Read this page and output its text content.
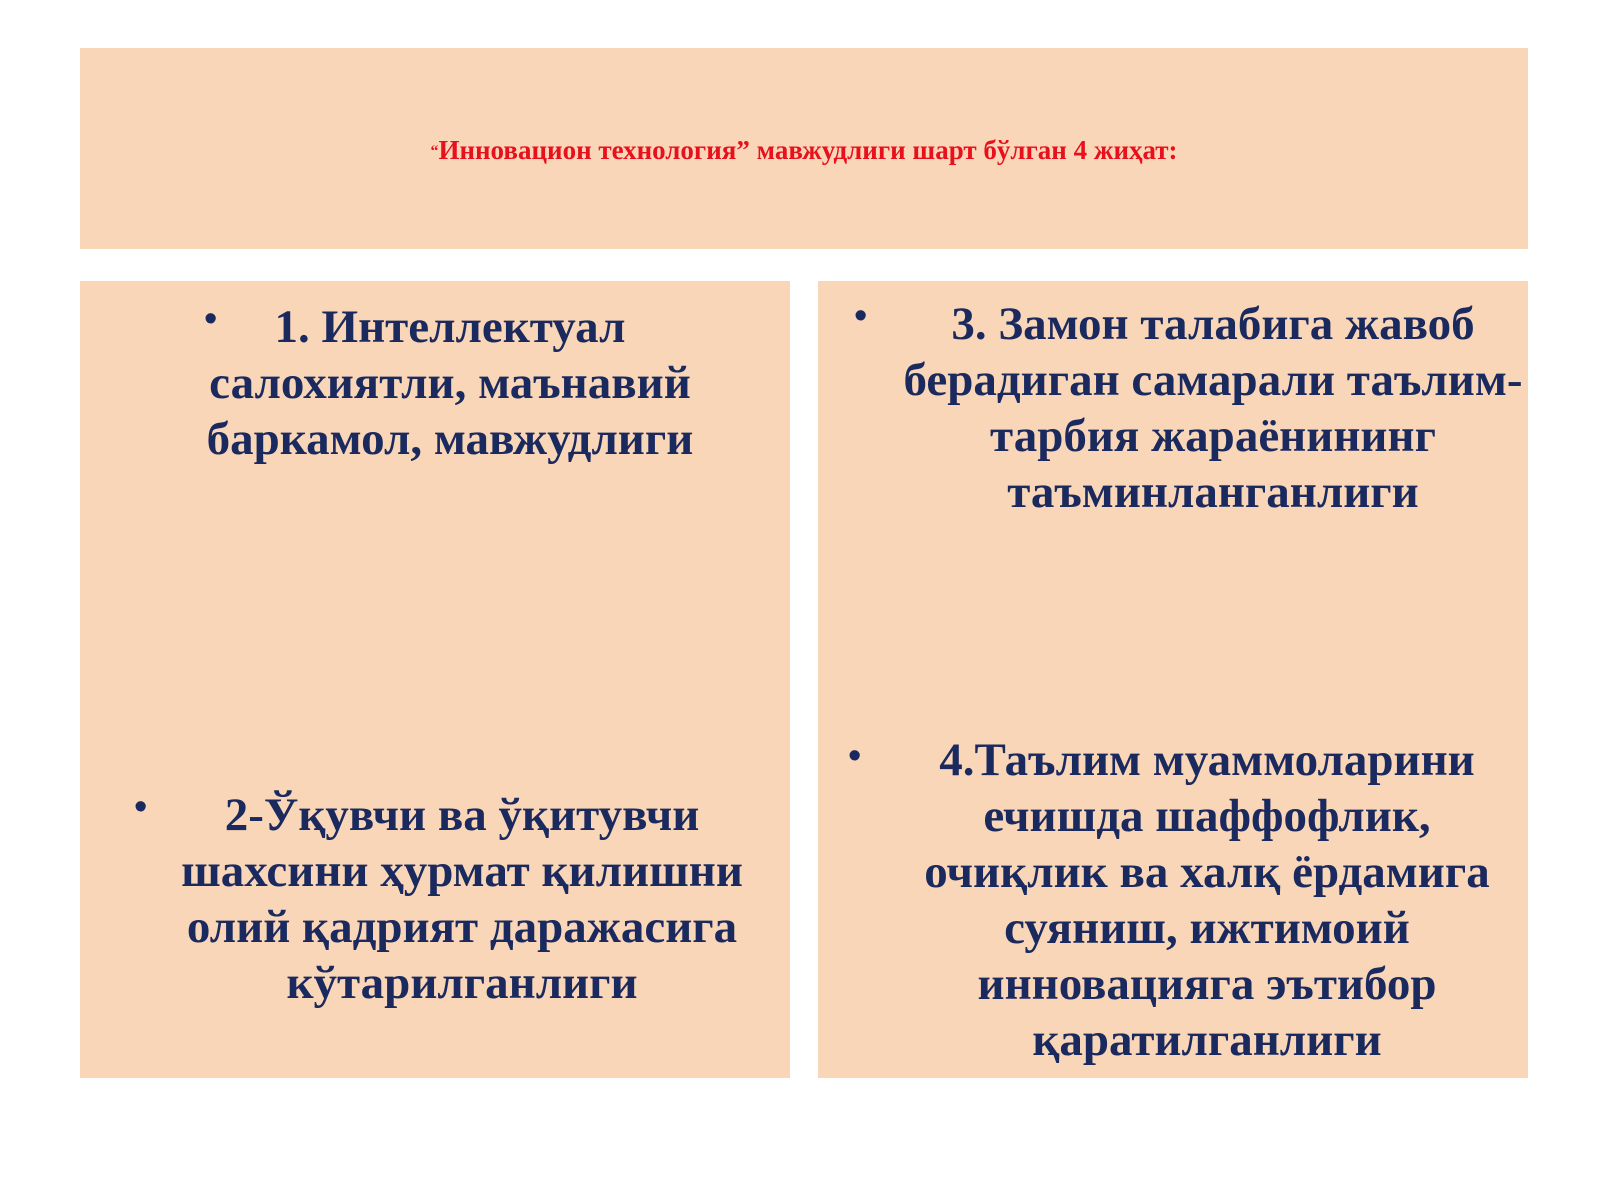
“Инновацион технология” мавжудлиги шарт бўлган 4 жиҳат:
•	1. Интеллектуал салохиятли, маънавий баркамол, мавжудлиги
•	2-Ўқувчи ва ўқитувчи шахсини ҳурмат қилишни олий қадрият даражасига кўтарилганлиги
•	3. Замон талабига жавоб берадиган самарали таълим-тарбия жараёнининг таъминланганлиги
•	4.Таълим муаммоларини ечишда шаффофлик, очиқлик ва халқ ёрдамига суяниш, ижтимоий инновацияга эътибор қаратилганлиги
